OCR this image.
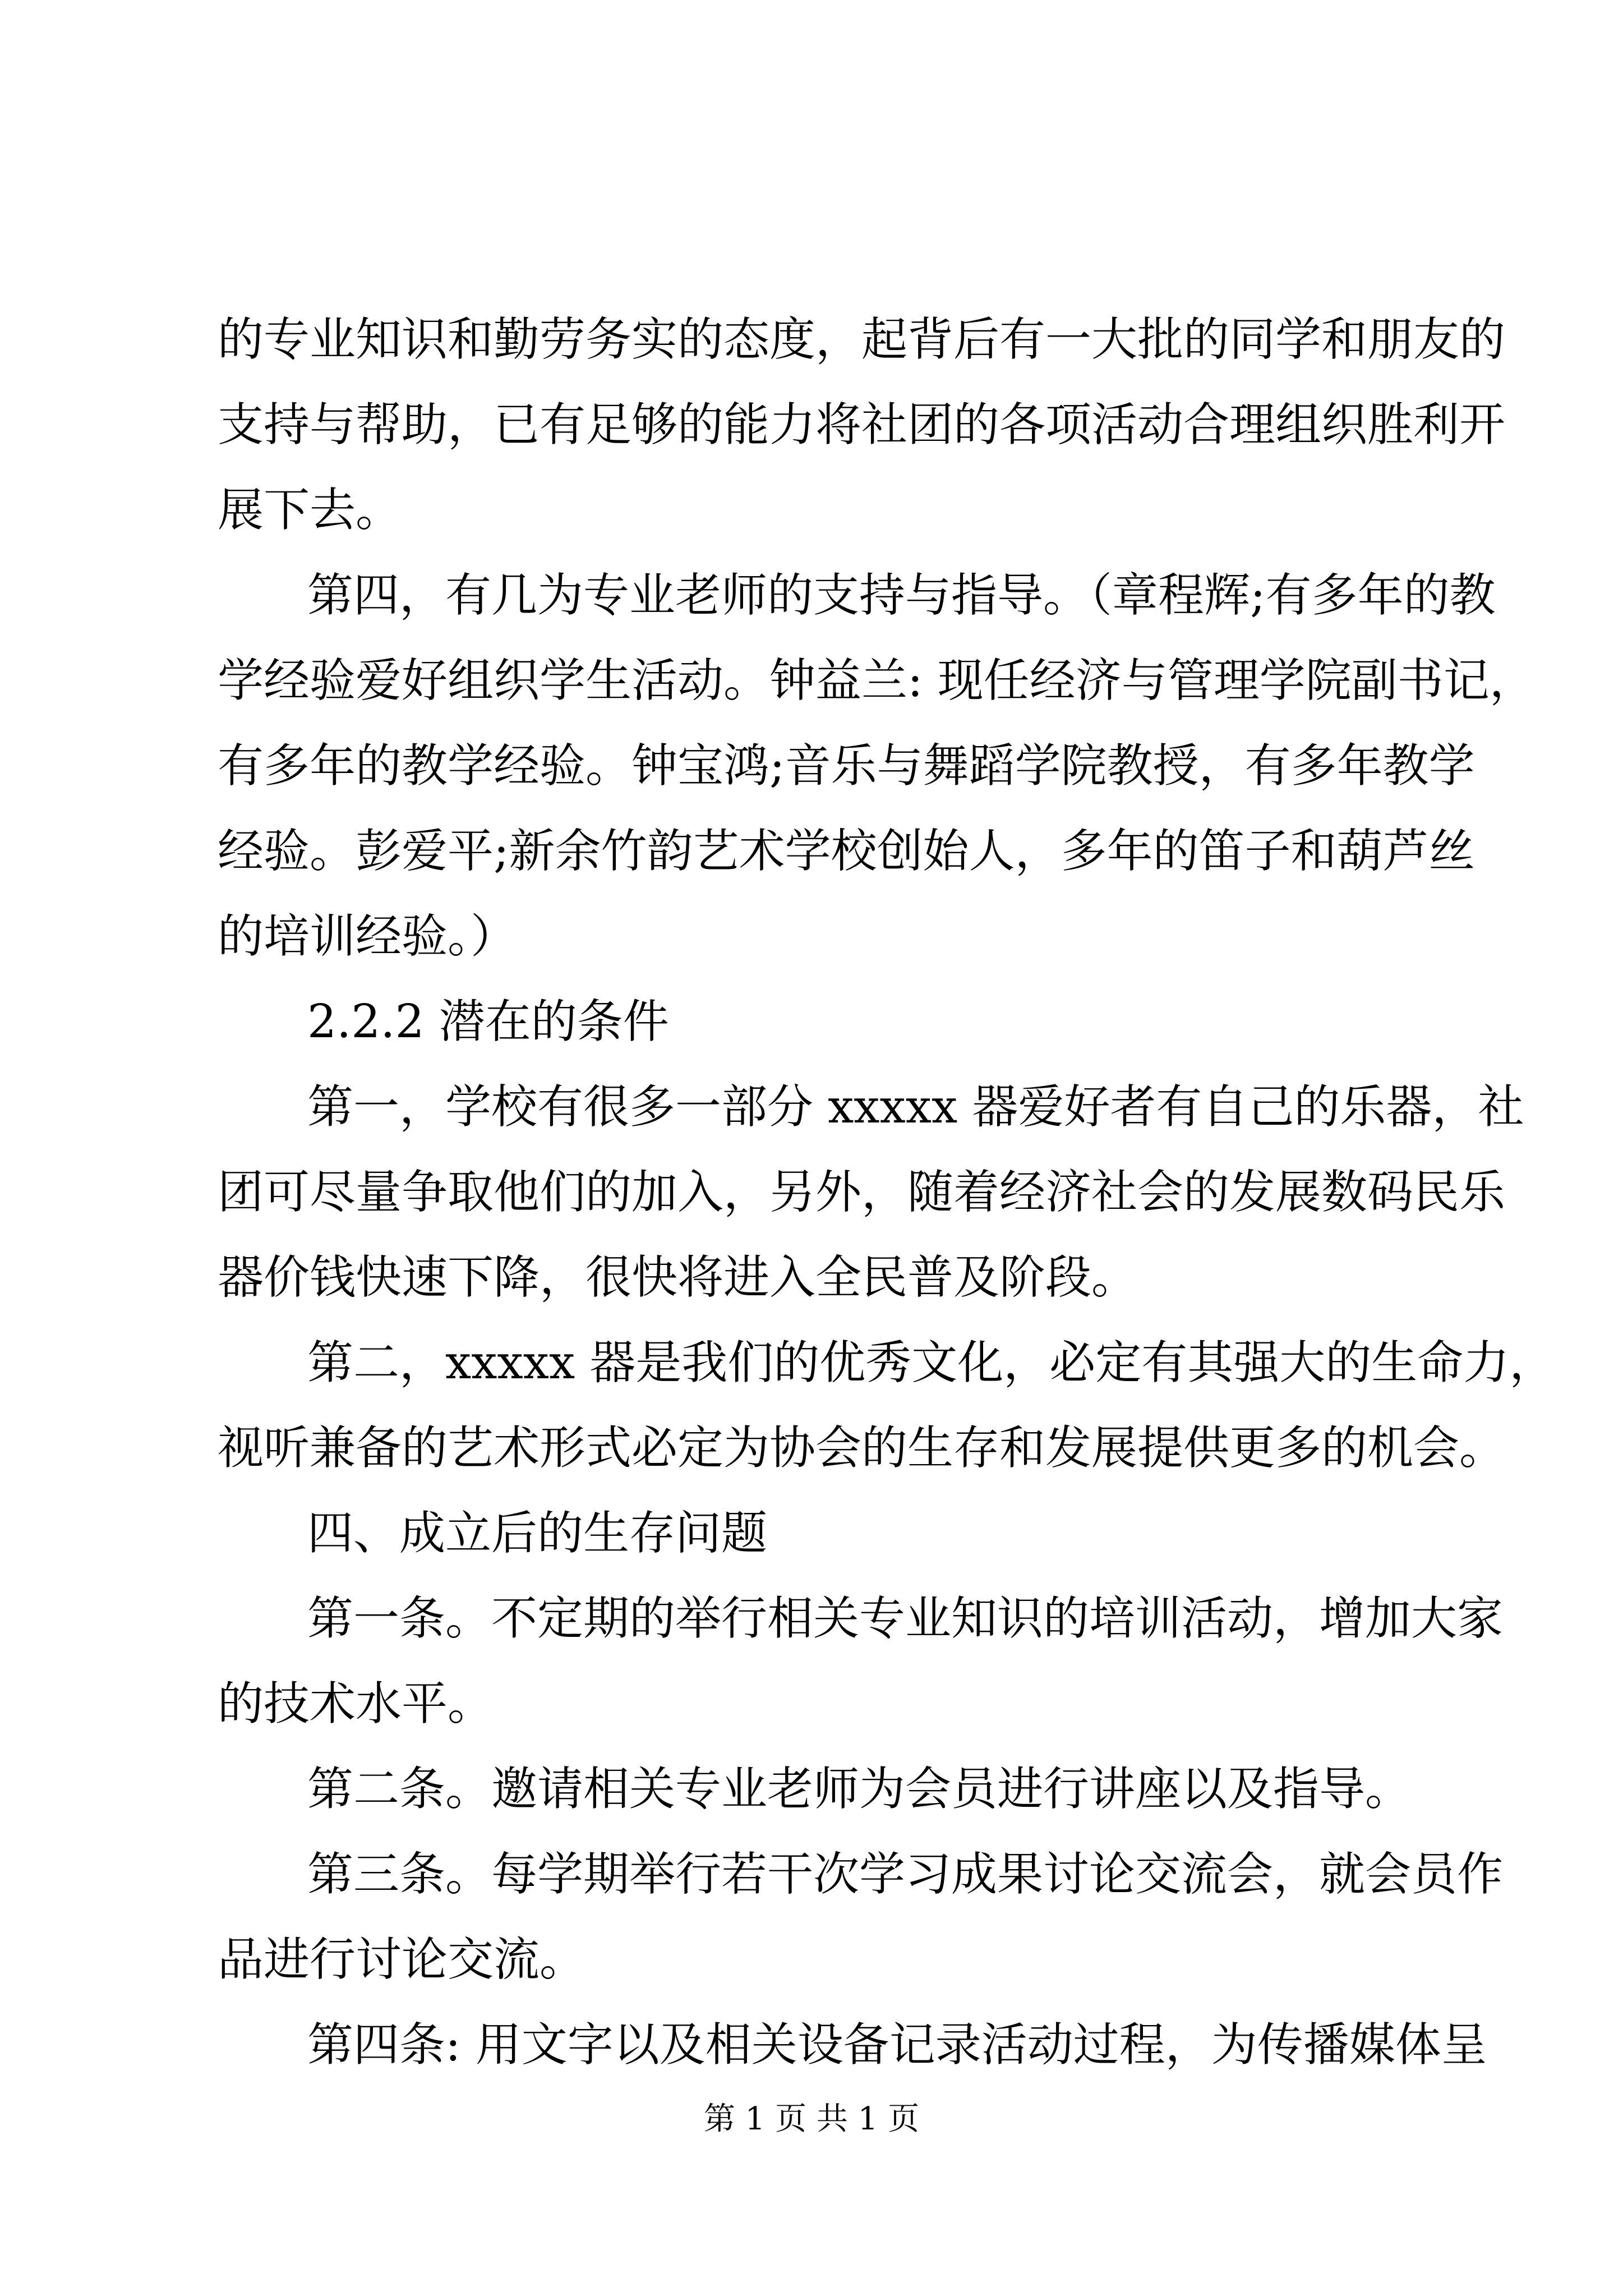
的专业知识和勤劳务实的态度，起背后有一大批的同学和朋友的
支持与帮助，已有足够的能力将社团的各项活动合理组织胜利开
展下去。
第四，有几为专业老师的支持与指导。（章程辉;有多年的教
学经验爱好组织学生活动。钟益兰: 现任经济与管理学院副书记，
有多年的教学经验。钟宝鸿;音乐与舞蹈学院教授，有多年教学
经验。彭爱平;新余竹韵艺术学校创始人，多年的笛子和葫芦丝
的培训经验。）
2.2.2 潜在的条件
第一，学校有很多一部分 xxxxx 器爱好者有自己的乐器，社
团可尽量争取他们的加入，另外，随着经济社会的发展数码民乐
器价钱快速下降，很快将进入全民普及阶段。
第二，xxxxx 器是我们的优秀文化，必定有其强大的生命力，
视听兼备的艺术形式必定为协会的生存和发展提供更多的机会。
四、成立后的生存问题
第一条。不定期的举行相关专业知识的培训活动，增加大家
的技术水平。
第二条。邀请相关专业老师为会员进行讲座以及指导。
第三条。每学期举行若干次学习成果讨论交流会，就会员作
品进行讨论交流。
第四条: 用文字以及相关设备记录活动过程，为传播媒体呈
第 1 页 共 1 页
